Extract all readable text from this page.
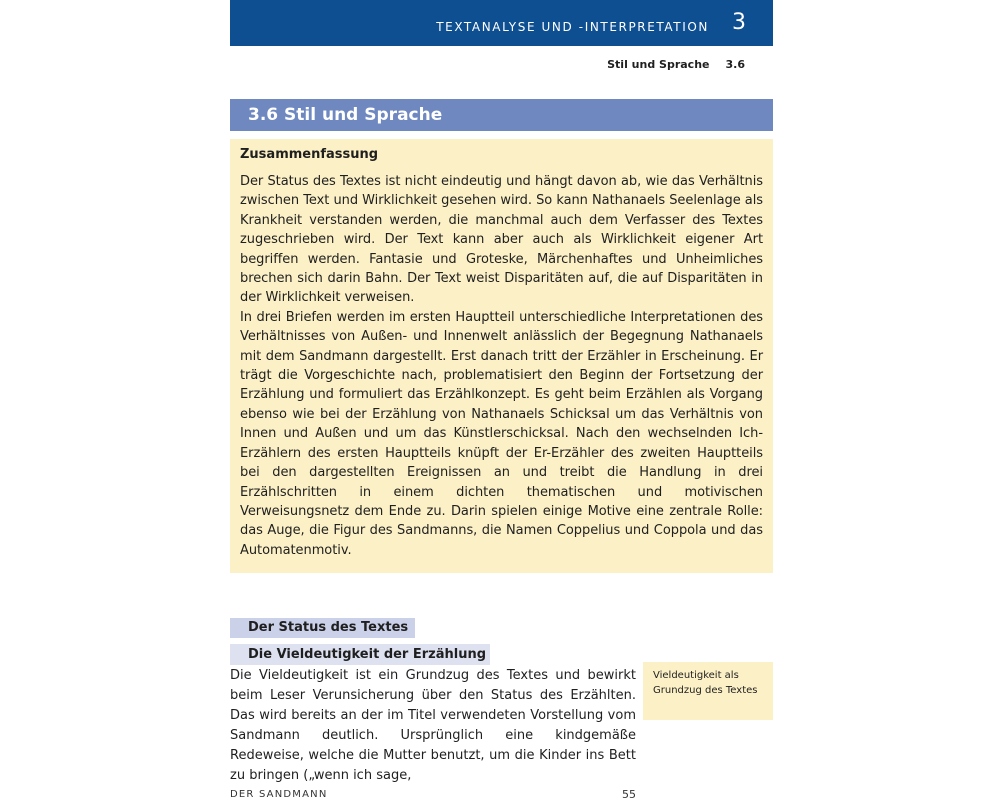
TEXTANALYSE UND -INTERPRETATION 3
Stil und Sprache 3.6
3.6 Stil und Sprache
Zusammenfassung

Der Status des Textes ist nicht eindeutig und hängt davon ab, wie das Verhältnis zwischen Text und Wirklichkeit gesehen wird. So kann Nathanaels Seelenlage als Krankheit verstanden werden, die manchmal auch dem Verfasser des Textes zugeschrieben wird. Der Text kann aber auch als Wirklichkeit eigener Art begriffen werden. Fantasie und Groteske, Märchenhaftes und Unheimliches brechen sich darin Bahn. Der Text weist Disparitäten auf, die auf Disparitäten in der Wirklichkeit verweisen.
In drei Briefen werden im ersten Hauptteil unterschiedliche Interpretationen des Verhältnisses von Außen- und Innenwelt anlässlich der Begegnung Nathanaels mit dem Sandmann dargestellt. Erst danach tritt der Erzähler in Erscheinung. Er trägt die Vorgeschichte nach, problematisiert den Beginn der Fortsetzung der Erzählung und formuliert das Erzählkonzept. Es geht beim Erzählen als Vorgang ebenso wie bei der Erzählung von Nathanaels Schicksal um das Verhältnis von Innen und Außen und um das Künstlerschicksal. Nach den wechselnden Ich-Erzählern des ersten Hauptteils knüpft der Er-Erzähler des zweiten Hauptteils bei den dargestellten Ereignissen an und treibt die Handlung in drei Erzählschritten in einem dichten thematischen und motivischen Verweisungsnetz dem Ende zu. Darin spielen einige Motive eine zentrale Rolle: das Auge, die Figur des Sandmanns, die Namen Coppelius und Coppola und das Automatenmotiv.

Der Status des Textes
Die Vieldeutigkeit der Erzählung

Die Vieldeutigkeit ist ein Grundzug des Textes und bewirkt beim Leser Verunsicherung über den Status des Erzählten. Das wird bereits an der im Titel verwendeten Vorstellung vom Sandmann deutlich. Ursprünglich eine kindgemäße Redeweise, welche die Mutter benutzt, um die Kinder ins Bett zu bringen („wenn ich sage,

Vieldeutigkeit als Grundzug des Textes
DER SANDMANN	55
